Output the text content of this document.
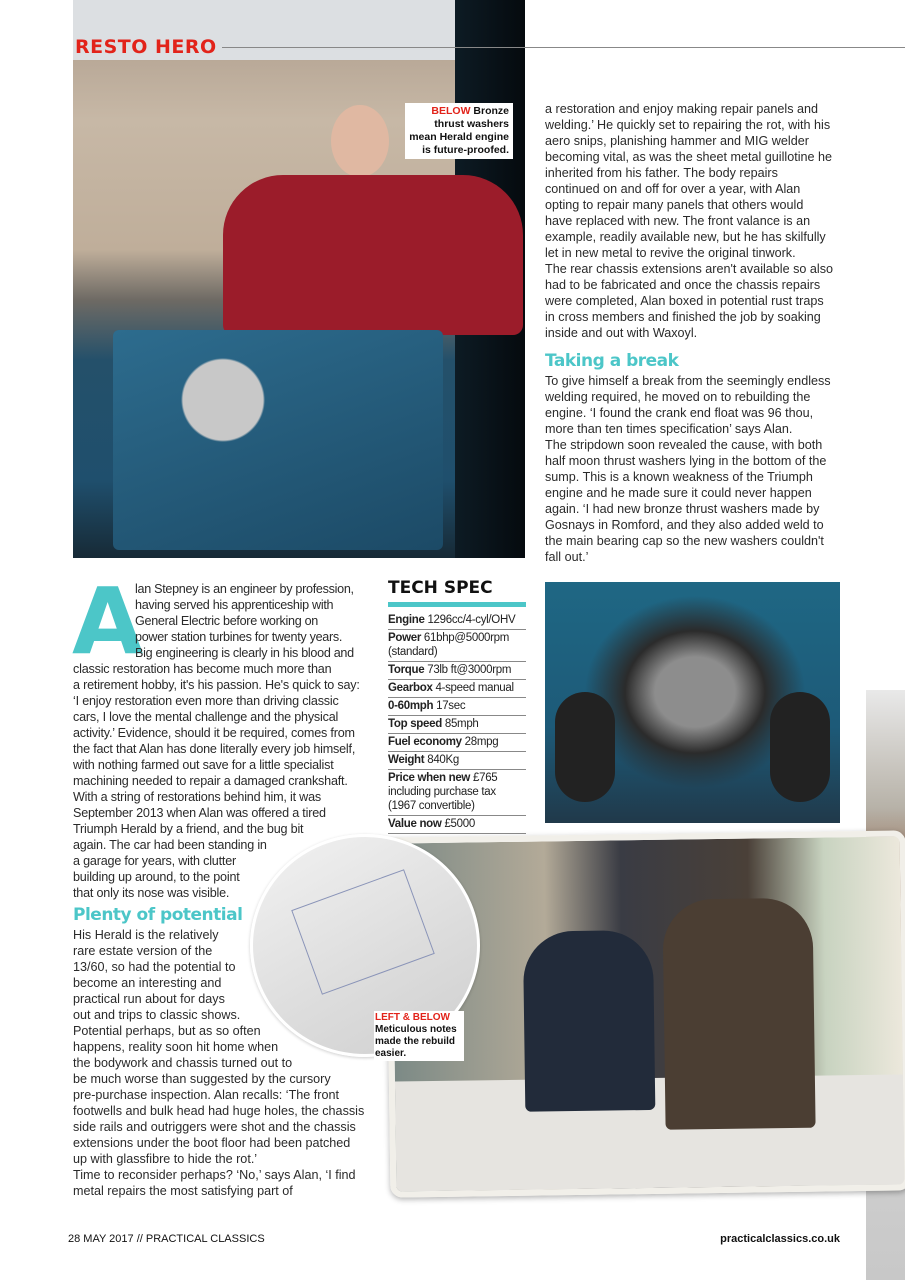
RESTO HERO
BELOW Bronze thrust washers mean Herald engine is future-proofed.
a restoration and enjoy making repair panels and
welding.’ He quickly set to repairing the rot, with his
aero snips, planishing hammer and MIG welder
becoming vital, as was the sheet metal guillotine he
inherited from his father. The body repairs
continued on and off for over a year, with Alan
opting to repair many panels that others would
have replaced with new. The front valance is an
example, readily available new, but he has skilfully
let in new metal to revive the original tinwork.
The rear chassis extensions aren't available so also
had to be fabricated and once the chassis repairs
were completed, Alan boxed in potential rust traps
in cross members and finished the job by soaking
inside and out with Waxoyl.
Taking a break
To give himself a break from the seemingly endless
welding required, he moved on to rebuilding the
engine. ‘I found the crank end float was 96 thou,
more than ten times specification’ says Alan.
The stripdown soon revealed the cause, with both
half moon thrust washers lying in the bottom of the
sump. This is a known weakness of the Triumph
engine and he made sure it could never happen
again. ‘I had new bronze thrust washers made by
Gosnays in Romford, and they also added weld to
the main bearing cap so the new washers couldn't
fall out.’
A
lan Stepney is an engineer by profession,
having served his apprenticeship with
General Electric before working on
power station turbines for twenty years.
Big engineering is clearly in his blood and
classic restoration has become much more than
a retirement hobby, it's his passion. He's quick to say:
‘I enjoy restoration even more than driving classic
cars, I love the mental challenge and the physical
activity.’ Evidence, should it be required, comes from
the fact that Alan has done literally every job himself,
with nothing farmed out save for a little specialist
machining needed to repair a damaged crankshaft.
With a string of restorations behind him, it was
September 2013 when Alan was offered a tired
Triumph Herald by a friend, and the bug bit
again. The car had been standing in
a garage for years, with clutter
building up around, to the point
that only its nose was visible.
LEFT & BELOW
Meticulous notes made the rebuild easier.
TECH SPEC
Engine 1296cc/4-cyl/OHV
Power 61bhp@5000rpm (standard)
Torque 73lb ft@3000rpm
Gearbox 4-speed manual
0-60mph 17sec
Top speed 85mph
Fuel economy 28mpg
Weight 840Kg
Price when new £765 including purchase tax (1967 convertible)
Value now £5000
Plenty of potential
His Herald is the relatively
rare estate version of the
13/60, so had the potential to
become an interesting and
practical run about for days
out and trips to classic shows.
Potential perhaps, but as so often
happens, reality soon hit home when
the bodywork and chassis turned out to
be much worse than suggested by the cursory
pre-purchase inspection. Alan recalls: ‘The front
footwells and bulk head had huge holes, the chassis
side rails and outriggers were shot and the chassis
extensions under the boot floor had been patched
up with glassfibre to hide the rot.’
Time to reconsider perhaps? ‘No,’ says Alan, ‘I find
metal repairs the most satisfying part of
28 MAY 2017 // PRACTICAL CLASSICS	practicalclassics.co.uk
